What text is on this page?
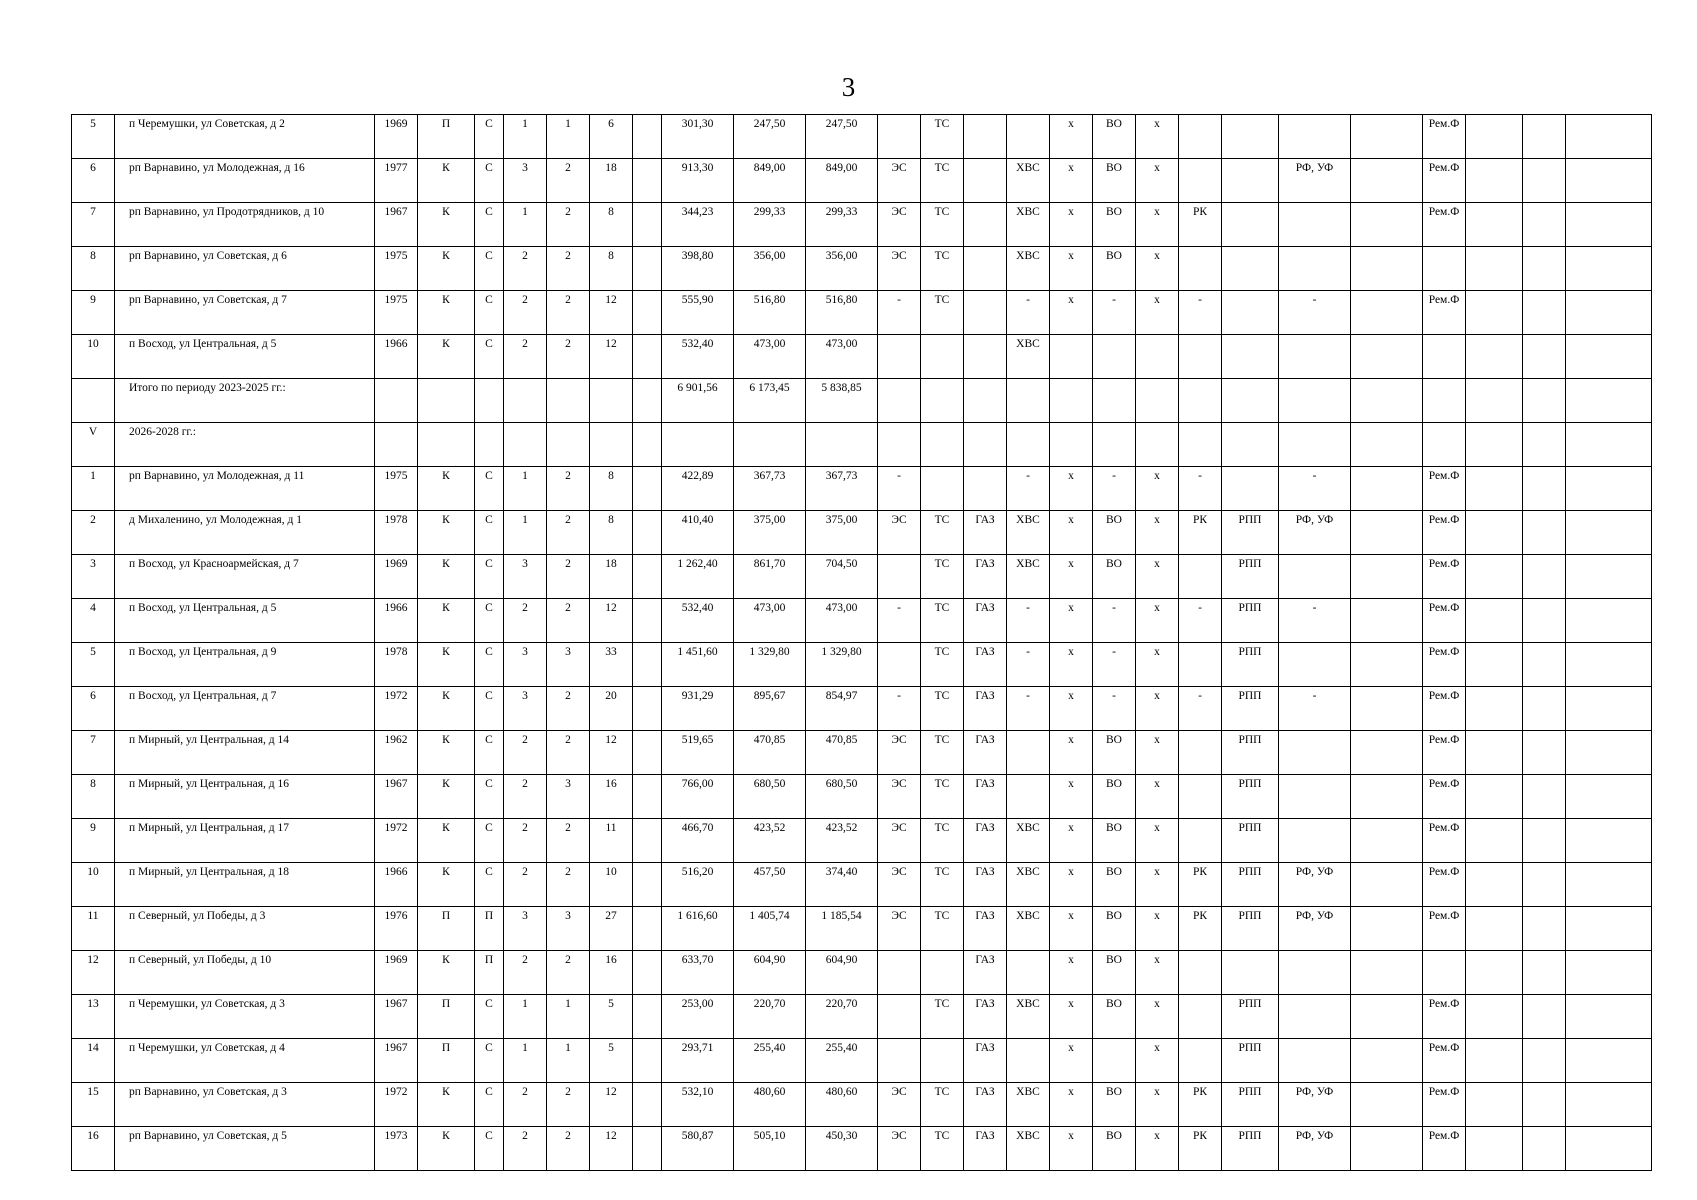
3
5	п Черемушки, ул Советская, д 2	1969	П	С	1	1	6		301,30	247,50	247,50		ТС			х	ВО	х					Рем.Ф			
6	рп Варнавино, ул Молодежная, д 16	1977	К	С	3	2	18		913,30	849,00	849,00	ЭС	ТС		ХВС	х	ВО	х			РФ, УФ		Рем.Ф			
7	рп Варнавино, ул Продотрядников, д 10	1967	К	С	1	2	8		344,23	299,33	299,33	ЭС	ТС		ХВС	х	ВО	х	РК				Рем.Ф			
8	рп Варнавино, ул Советская, д 6	1975	К	С	2	2	8		398,80	356,00	356,00	ЭС	ТС		ХВС	х	ВО	х								
9	рп Варнавино, ул Советская, д 7	1975	К	С	2	2	12		555,90	516,80	516,80	-	ТС		-	х	-	х	-		-		Рем.Ф			
10	п Восход, ул Центральная, д 5	1966	К	С	2	2	12		532,40	473,00	473,00				ХВС											
	Итого по периоду 2023-2025 гг.:								6 901,56	6 173,45	5 838,85															
V	2026-2028 гг.:																									
1	рп Варнавино, ул Молодежная, д 11	1975	К	С	1	2	8		422,89	367,73	367,73	-			-	х	-	х	-		-		Рем.Ф			
2	д Михаленино, ул Молодежная, д 1	1978	К	С	1	2	8		410,40	375,00	375,00	ЭС	ТС	ГАЗ	ХВС	х	ВО	х	РК	РПП	РФ, УФ		Рем.Ф			
3	п Восход, ул Красноармейская, д 7	1969	К	С	3	2	18		1 262,40	861,70	704,50		ТС	ГАЗ	ХВС	х	ВО	х		РПП			Рем.Ф			
4	п Восход, ул Центральная, д 5	1966	К	С	2	2	12		532,40	473,00	473,00	-	ТС	ГАЗ	-	х	-	х	-	РПП	-		Рем.Ф			
5	п Восход, ул Центральная, д 9	1978	К	С	3	3	33		1 451,60	1 329,80	1 329,80		ТС	ГАЗ	-	х	-	х		РПП			Рем.Ф			
6	п Восход, ул Центральная, д 7	1972	К	С	3	2	20		931,29	895,67	854,97	-	ТС	ГАЗ	-	х	-	х	-	РПП	-		Рем.Ф			
7	п Мирный, ул Центральная, д 14	1962	К	С	2	2	12		519,65	470,85	470,85	ЭС	ТС	ГАЗ		х	ВО	х		РПП			Рем.Ф			
8	п Мирный, ул Центральная, д 16	1967	К	С	2	3	16		766,00	680,50	680,50	ЭС	ТС	ГАЗ		х	ВО	х		РПП			Рем.Ф			
9	п Мирный, ул Центральная, д 17	1972	К	С	2	2	11		466,70	423,52	423,52	ЭС	ТС	ГАЗ	ХВС	х	ВО	х		РПП			Рем.Ф			
10	п Мирный, ул Центральная, д 18	1966	К	С	2	2	10		516,20	457,50	374,40	ЭС	ТС	ГАЗ	ХВС	х	ВО	х	РК	РПП	РФ, УФ		Рем.Ф			
11	п Северный, ул Победы, д 3	1976	П	П	3	3	27		1 616,60	1 405,74	1 185,54	ЭС	ТС	ГАЗ	ХВС	х	ВО	х	РК	РПП	РФ, УФ		Рем.Ф			
12	п Северный, ул Победы, д 10	1969	К	П	2	2	16		633,70	604,90	604,90			ГАЗ		х	ВО	х								
13	п Черемушки, ул Советская, д 3	1967	П	С	1	1	5		253,00	220,70	220,70		ТС	ГАЗ	ХВС	х	ВО	х		РПП			Рем.Ф			
14	п Черемушки, ул Советская, д 4	1967	П	С	1	1	5		293,71	255,40	255,40			ГАЗ		х		х		РПП			Рем.Ф			
15	рп Варнавино, ул Советская, д 3	1972	К	С	2	2	12		532,10	480,60	480,60	ЭС	ТС	ГАЗ	ХВС	х	ВО	х	РК	РПП	РФ, УФ		Рем.Ф			
16	рп Варнавино, ул Советская, д 5	1973	К	С	2	2	12		580,87	505,10	450,30	ЭС	ТС	ГАЗ	ХВС	х	ВО	х	РК	РПП	РФ, УФ		Рем.Ф			
